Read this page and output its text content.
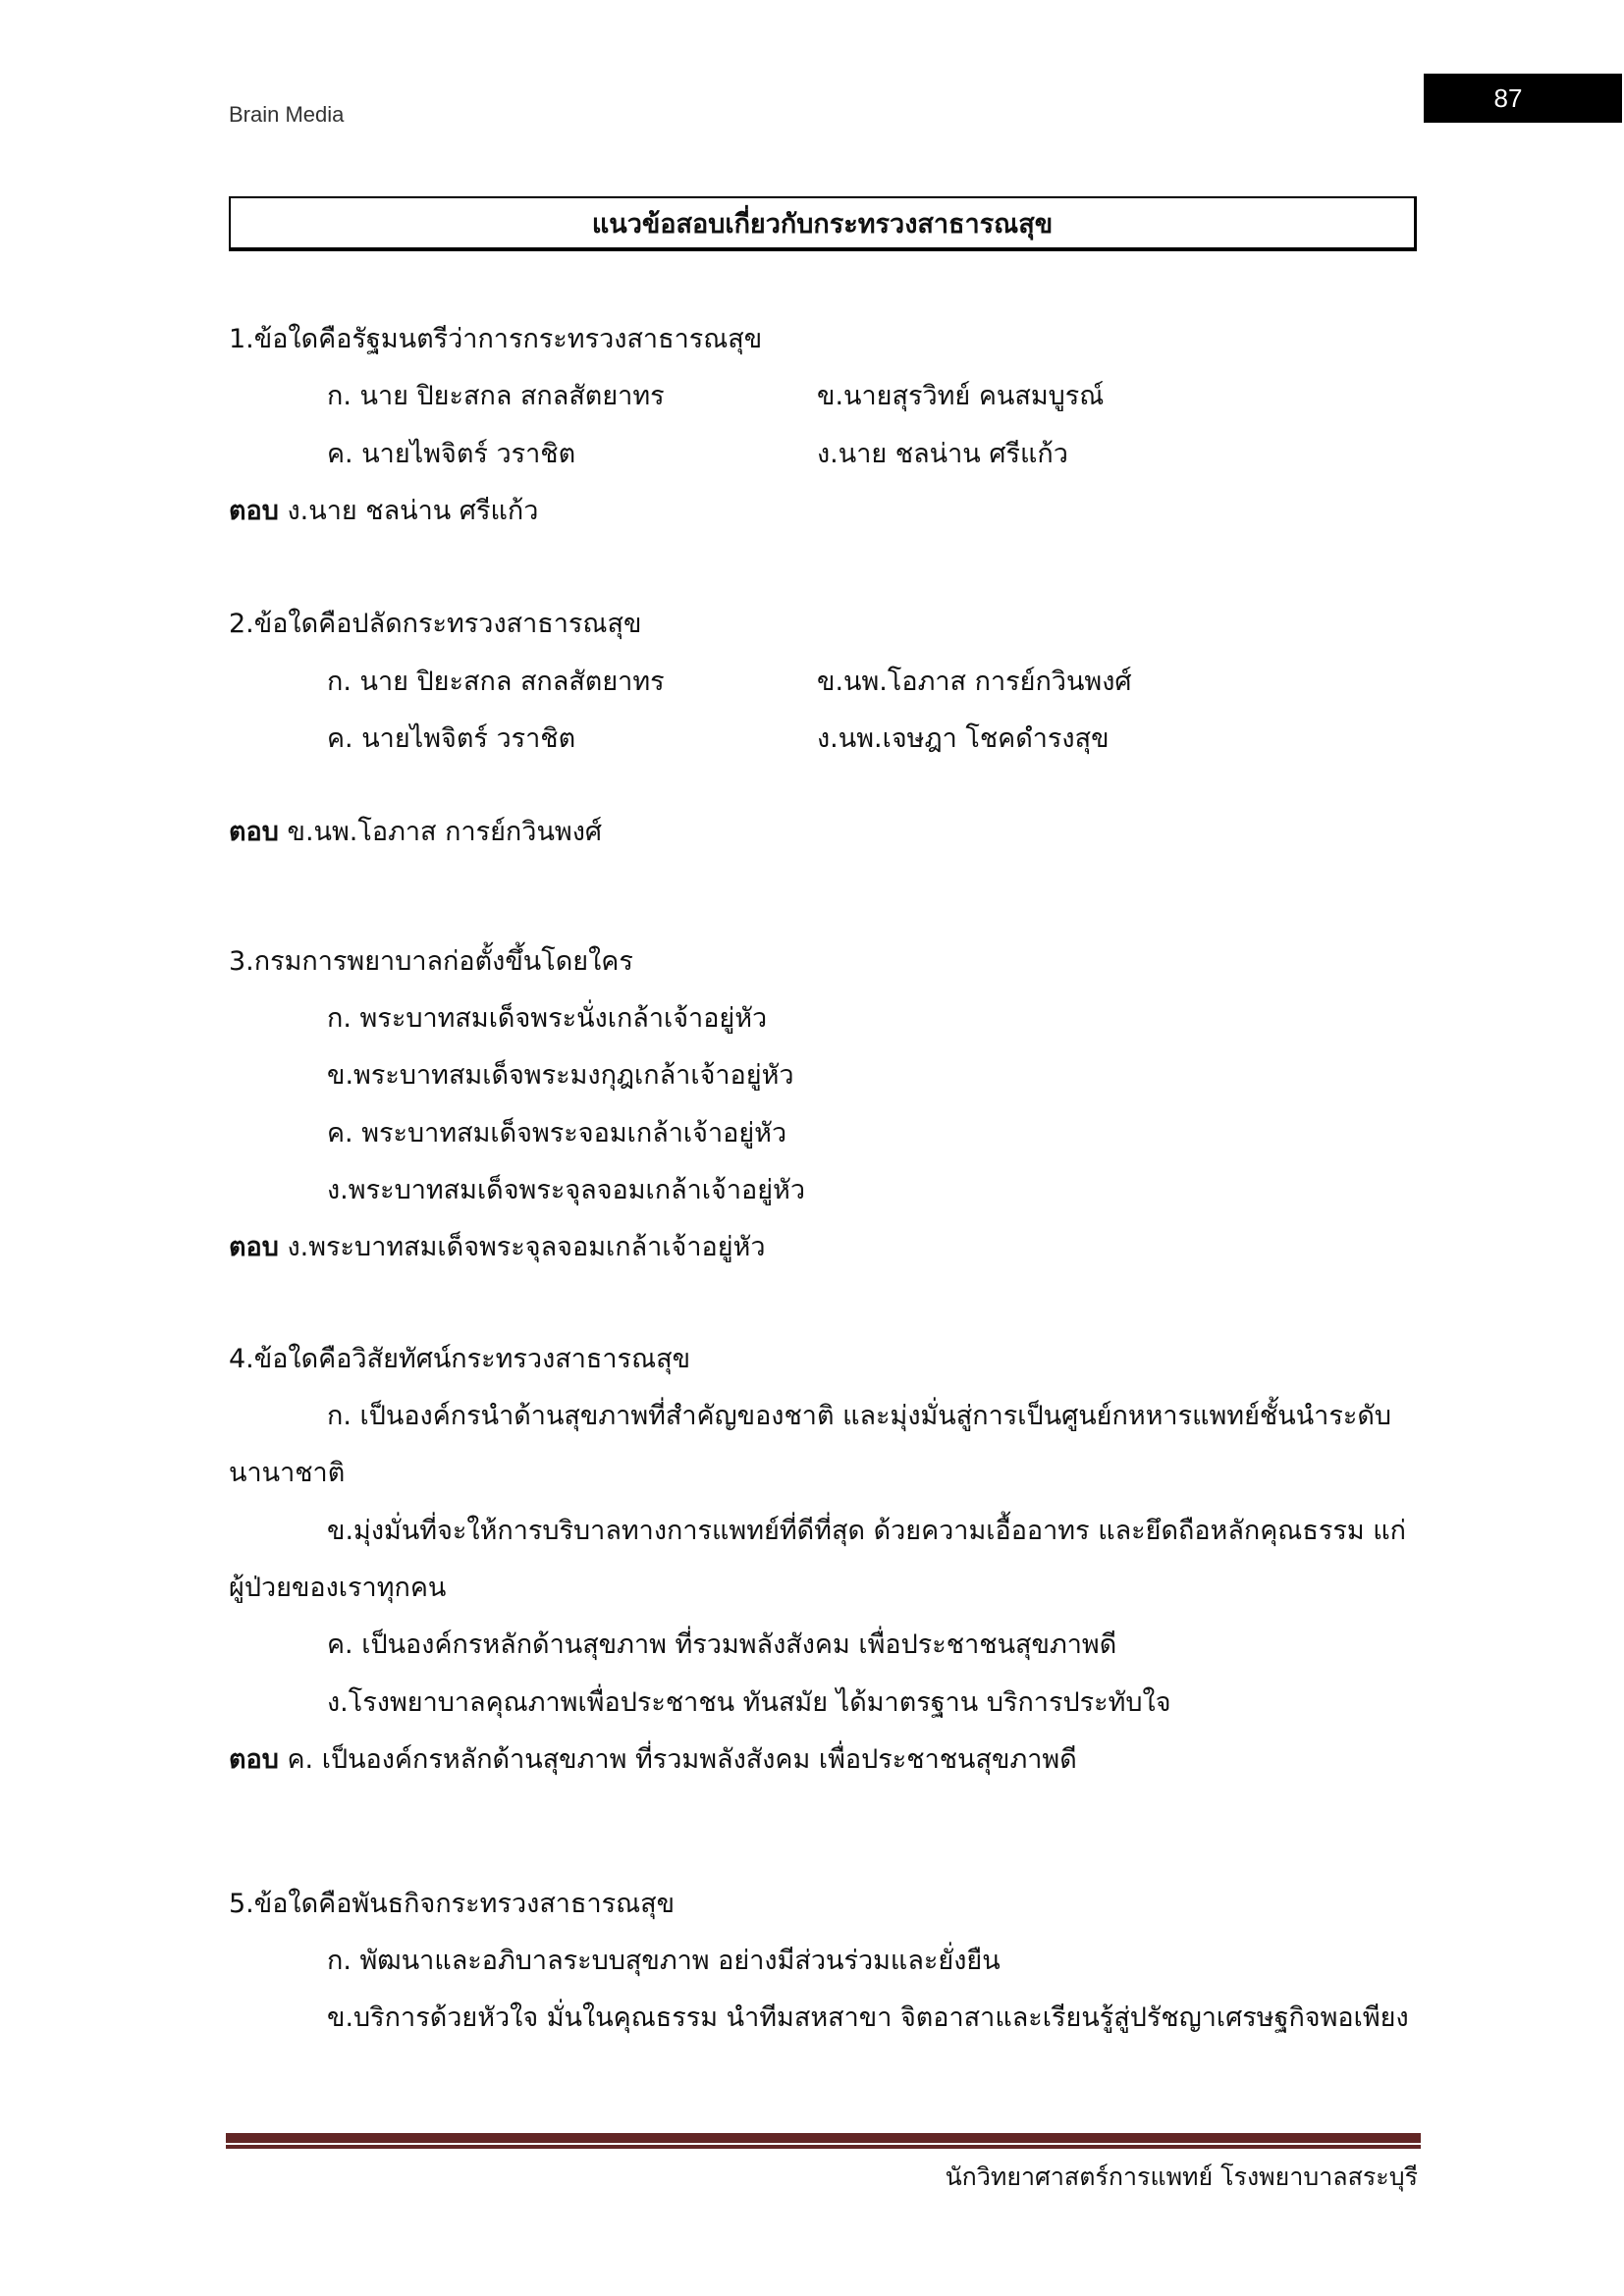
Brain Media
87
แนวข้อสอบเกี่ยวกับกระทรวงสาธารณสุข
1.ข้อใดคือรัฐมนตรีว่าการกระทรวงสาธารณสุข
ก. นาย ปิยะสกล สกลสัตยาทร	ข.นายสุรวิทย์ คนสมบูรณ์
ค. นายไพจิตร์ วราชิต	ง.นาย ชลน่าน ศรีแก้ว
ตอบ ง.นาย ชลน่าน ศรีแก้ว
2.ข้อใดคือปลัดกระทรวงสาธารณสุข
ก. นาย ปิยะสกล สกลสัตยาทร	ข.นพ.โอภาส การย์กวินพงศ์
ค. นายไพจิตร์ วราชิต	ง.นพ.เจษฎา โชคดำรงสุข
ตอบ ข.นพ.โอภาส การย์กวินพงศ์
3.กรมการพยาบาลก่อตั้งขึ้นโดยใคร
ก. พระบาทสมเด็จพระนั่งเกล้าเจ้าอยู่หัว
ข.พระบาทสมเด็จพระมงกุฎเกล้าเจ้าอยู่หัว
ค. พระบาทสมเด็จพระจอมเกล้าเจ้าอยู่หัว
ง.พระบาทสมเด็จพระจุลจอมเกล้าเจ้าอยู่หัว
ตอบ ง.พระบาทสมเด็จพระจุลจอมเกล้าเจ้าอยู่หัว
4.ข้อใดคือวิสัยทัศน์กระทรวงสาธารณสุข
ก. เป็นองค์กรนำด้านสุขภาพที่สำคัญของชาติ และมุ่งมั่นสู่การเป็นศูนย์กหหารแพทย์ชั้นนำระดับ
นานาชาติ
ข.มุ่งมั่นที่จะให้การบริบาลทางการแพทย์ที่ดีที่สุด ด้วยความเอื้ออาทร และยึดถือหลักคุณธรรม แก่
ผู้ป่วยของเราทุกคน
ค. เป็นองค์กรหลักด้านสุขภาพ ที่รวมพลังสังคม เพื่อประชาชนสุขภาพดี
ง.โรงพยาบาลคุณภาพเพื่อประชาชน ทันสมัย ได้มาตรฐาน บริการประทับใจ
ตอบ ค. เป็นองค์กรหลักด้านสุขภาพ ที่รวมพลังสังคม เพื่อประชาชนสุขภาพดี
5.ข้อใดคือพันธกิจกระทรวงสาธารณสุข
ก. พัฒนาและอภิบาลระบบสุขภาพ อย่างมีส่วนร่วมและยั่งยืน
ข.บริการด้วยหัวใจ มั่นในคุณธรรม นำทีมสหสาขา จิตอาสาและเรียนรู้สู่ปรัชญาเศรษฐกิจพอเพียง
นักวิทยาศาสตร์การแพทย์ โรงพยาบาลสระบุรี
